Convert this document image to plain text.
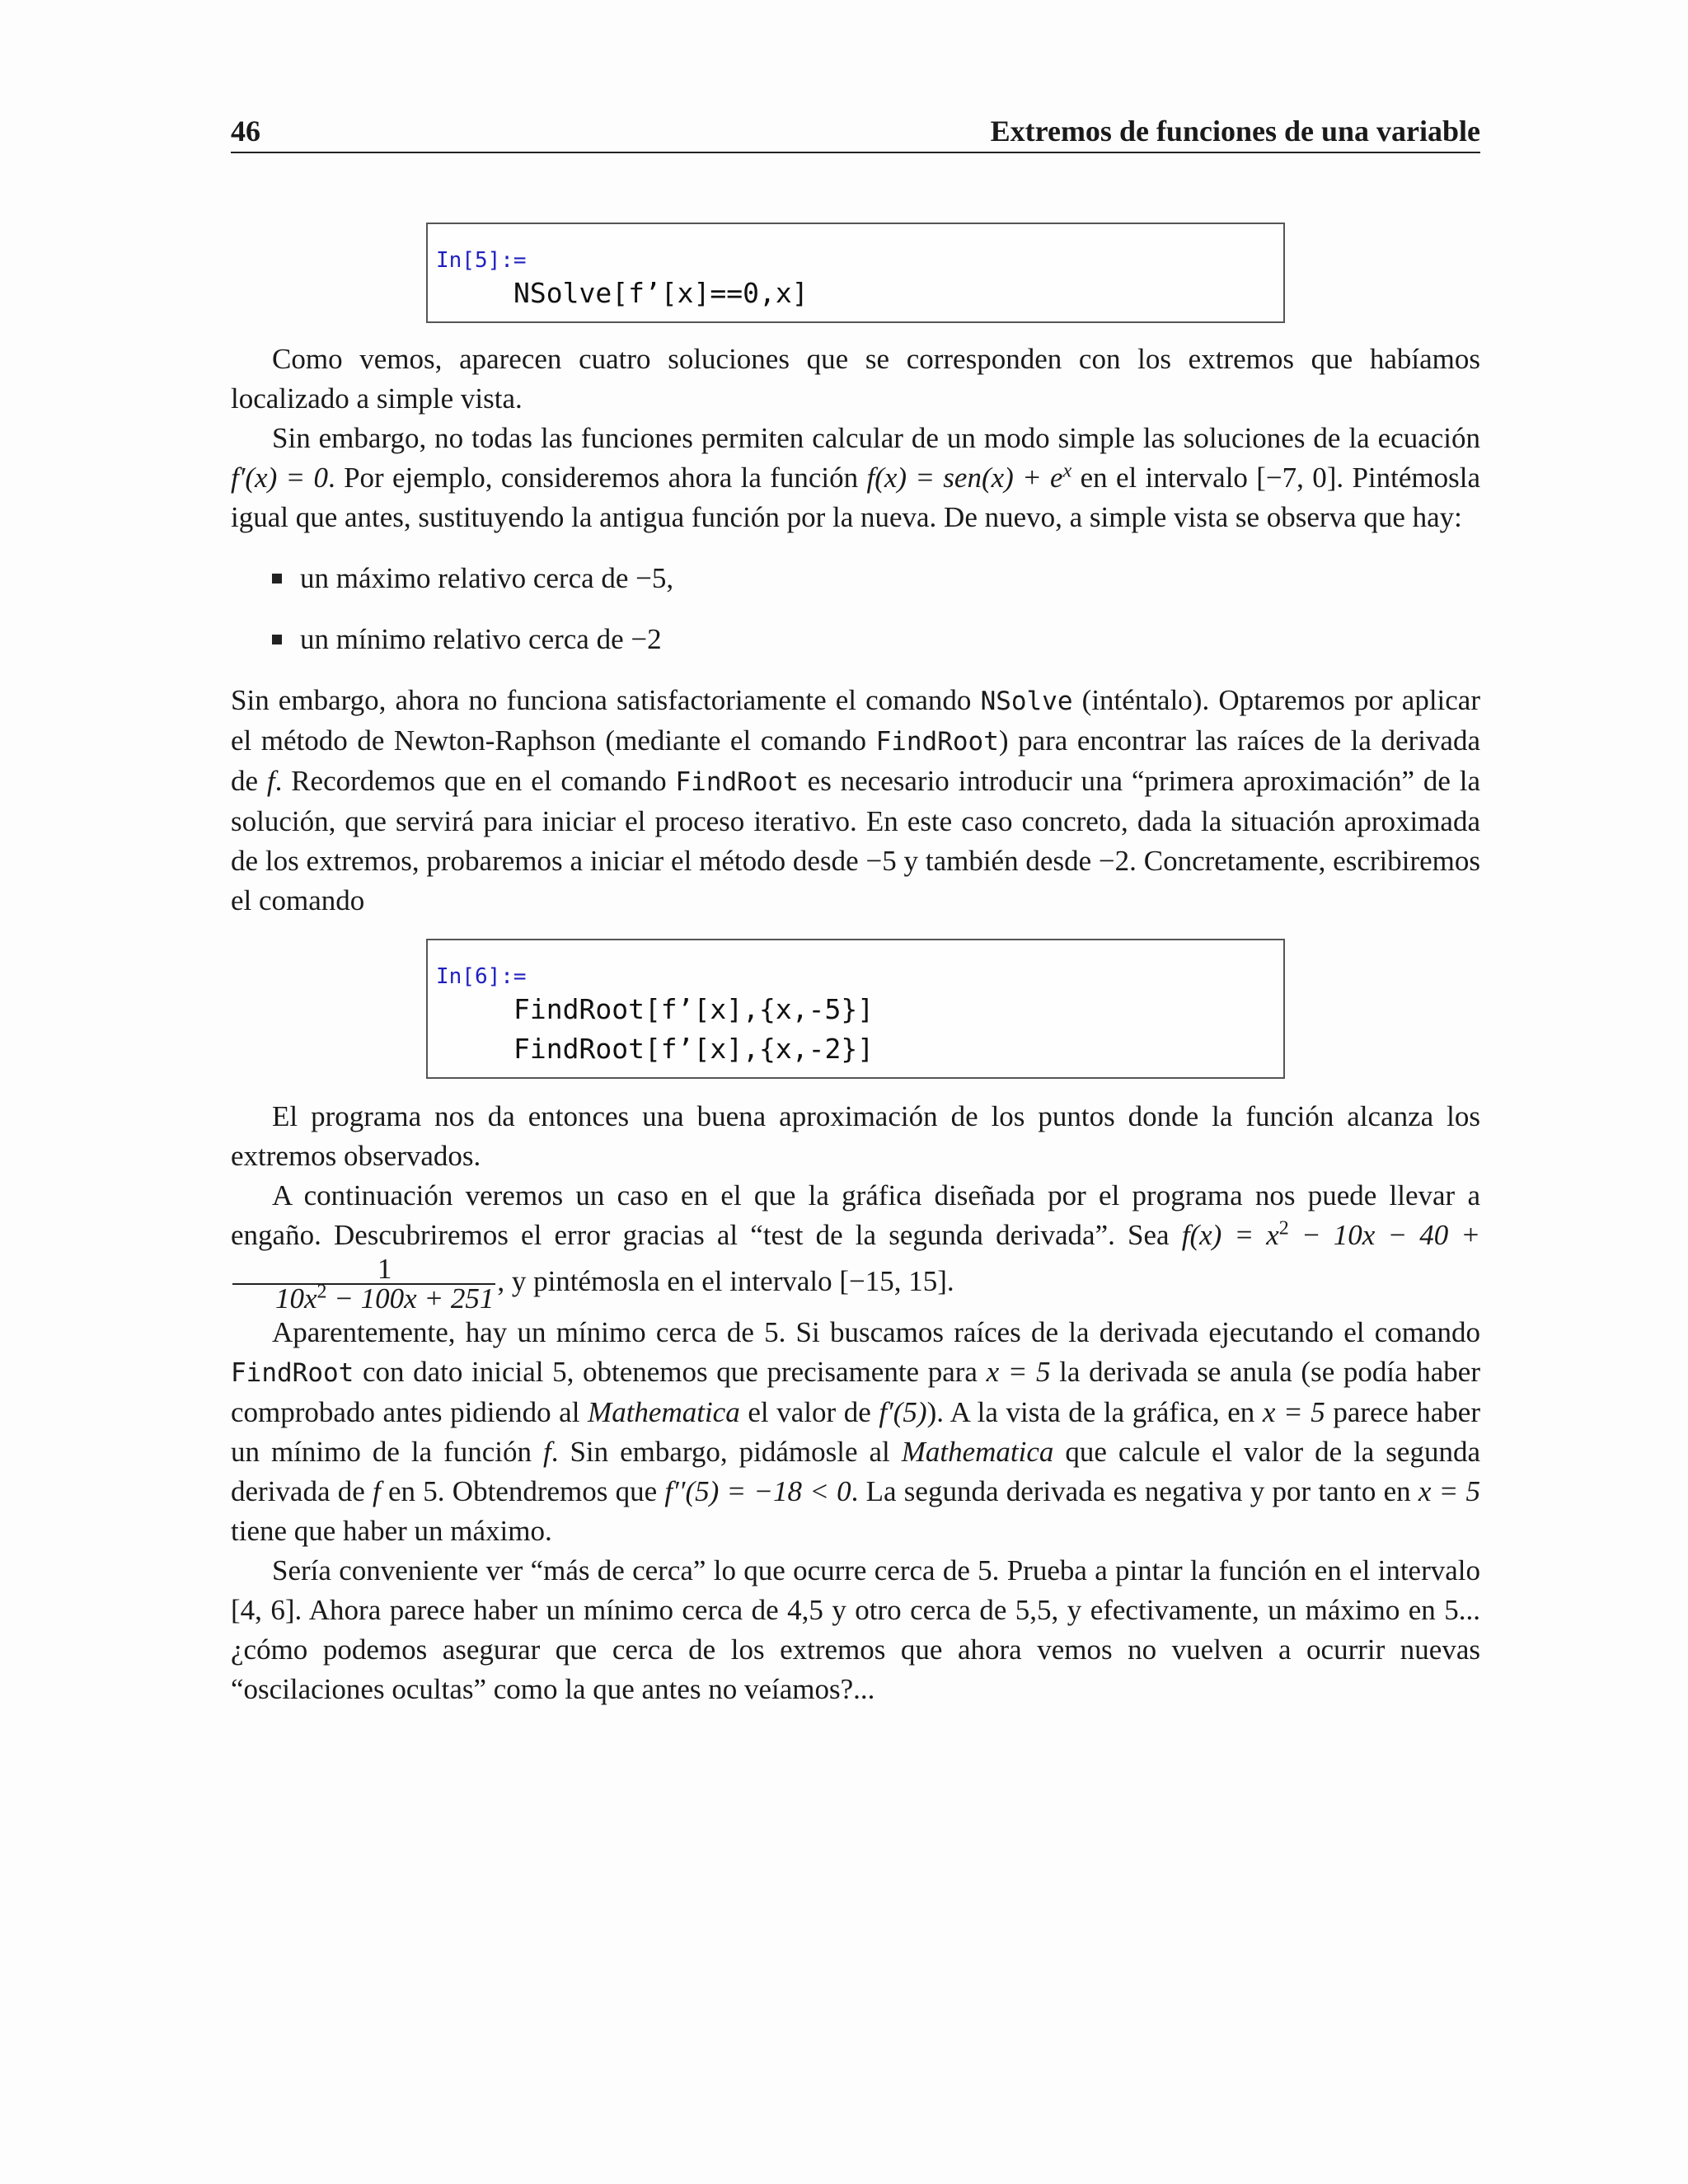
46	Extremos de funciones de una variable
In[5]:=
NSolve[f’[x]==0,x]

Como vemos, aparecen cuatro soluciones que se corresponden con los extremos que habíamos localizado a simple vista.

Sin embargo, no todas las funciones permiten calcular de un modo simple las soluciones de la ecuación f′(x) = 0. Por ejemplo, consideremos ahora la función $f(x) = sen(x) + e^x$ en el intervalo [−7, 0]. Pintémosla igual que antes, sustituyendo la antigua función por la nueva. De nuevo, a simple vista se observa que hay:

un máximo relativo cerca de −5,
un mínimo relativo cerca de −2

Sin embargo, ahora no funciona satisfactoriamente el comando NSolve (inténtalo). Optaremos por aplicar el método de Newton-Raphson (mediante el comando FindRoot) para encontrar las raíces de la derivada de f. Recordemos que en el comando FindRoot es necesario introducir una “primera aproximación” de la solución, que servirá para iniciar el proceso iterativo. En este caso concreto, dada la situación aproximada de los extremos, probaremos a iniciar el método desde −5 y también desde −2. Concretamente, escribiremos el comando

In[6]:=
FindRoot[f’[x],{x,-5}]
FindRoot[f’[x],{x,-2}]

El programa nos da entonces una buena aproximación de los puntos donde la función alcanza los extremos observados.

A continuación veremos un caso en el que la gráfica diseñada por el programa nos puede llevar a engaño. Descubriremos el error gracias al “test de la segunda derivada”. Sea $f(x) = x^2 - 10x - 40$ +
$\frac{1}{10x^2 - 100x + 251}$ , y pintémosla en el intervalo [−15, 15].

Aparentemente, hay un mínimo cerca de 5. Si buscamos raíces de la derivada ejecutando el comando FindRoot con dato inicial 5, obtenemos que precisamente para x = 5 la derivada se anula (se podía haber comprobado antes pidiendo al Mathematica el valor de f′(5)). A la vista de la gráfica, en x = 5 parece haber un mínimo de la función f. Sin embargo, pidámosle al Mathematica que calcule el valor de la segunda derivada de f en 5. Obtendremos que f′′(5) = −18 < 0. La segunda derivada es negativa y por tanto en x = 5 tiene que haber un máximo.

Sería conveniente ver “más de cerca” lo que ocurre cerca de 5. Prueba a pintar la función en el intervalo [4, 6]. Ahora parece haber un mínimo cerca de 4,5 y otro cerca de 5,5, y efectivamente, un máximo en 5... ¿cómo podemos asegurar que cerca de los extremos que ahora vemos no vuelven a ocurrir nuevas “oscilaciones ocultas” como la que antes no veíamos?...
